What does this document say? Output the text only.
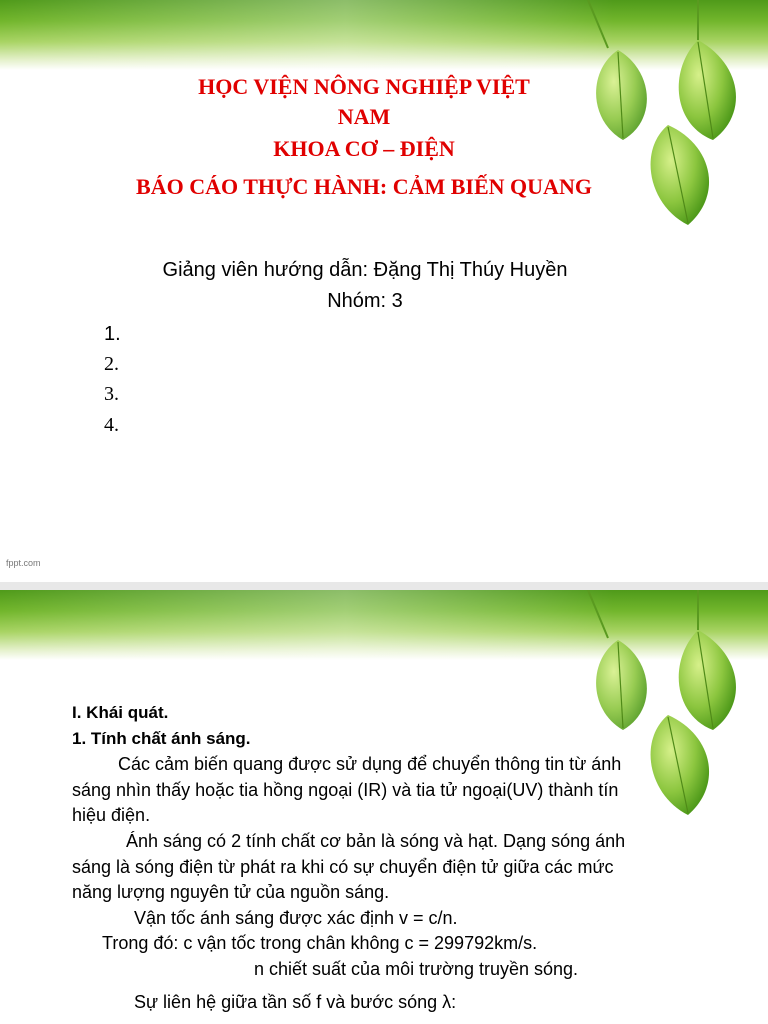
HỌC VIỆN NÔNG NGHIỆP VIỆT
NAM
KHOA CƠ – ĐIỆN
BÁO CÁO THỰC HÀNH: CẢM BIẾN QUANG
Giảng viên hướng dẫn: Đặng Thị Thúy Huyền
Nhóm: 3
1.
2.
3.
4.
fppt.com
I. Khái quát.
1. Tính chất ánh sáng.
Các cảm biến quang được sử dụng để chuyển thông tin từ ánh
sáng nhìn thấy hoặc tia hồng ngoại (IR) và tia tử ngoại(UV) thành tín
hiệu điện.
Ánh sáng có 2 tính chất cơ bản là sóng và hạt. Dạng sóng ánh
sáng là sóng điện từ phát ra khi có sự chuyển điện tử giữa các mức
năng lượng nguyên tử của nguồn sáng.
Vận tốc ánh sáng được xác định v = c/n.
Trong đó: c vận tốc trong chân không c = 299792km/s.
n chiết suất của môi trường truyền sóng.
Sự liên hệ giữa tần số f và bước sóng λ:
